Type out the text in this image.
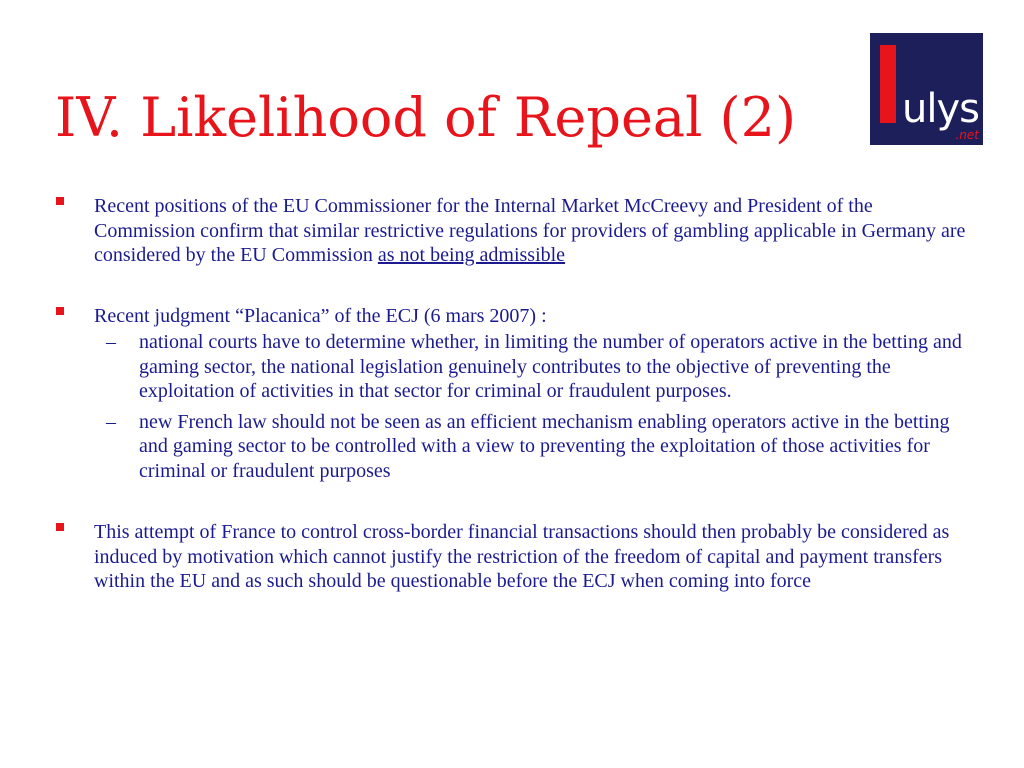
IV. Likelihood of Repeal (2)	ulys
.net

Recent positions of the EU Commissioner for the Internal Market McCreevy and President of the Commission confirm that similar restrictive regulations for providers of gambling applicable in Germany are considered by the EU Commission as not being admissible

Recent judgment “Placanica” of the ECJ (6 mars 2007) :

– national courts have to determine whether, in limiting the number of operators active in the betting and gaming sector, the national legislation genuinely contributes to the objective of preventing the exploitation of activities in that sector for criminal or fraudulent purposes.

– new French law should not be seen as an efficient mechanism enabling operators active in the betting and gaming sector to be controlled with a view to preventing the exploitation of those activities for criminal or fraudulent purposes

This attempt of France to control cross-border financial transactions should then probably be considered as induced by motivation which cannot justify the restriction of the freedom of capital and payment transfers within the EU and as such should be questionable before the ECJ when coming into force
